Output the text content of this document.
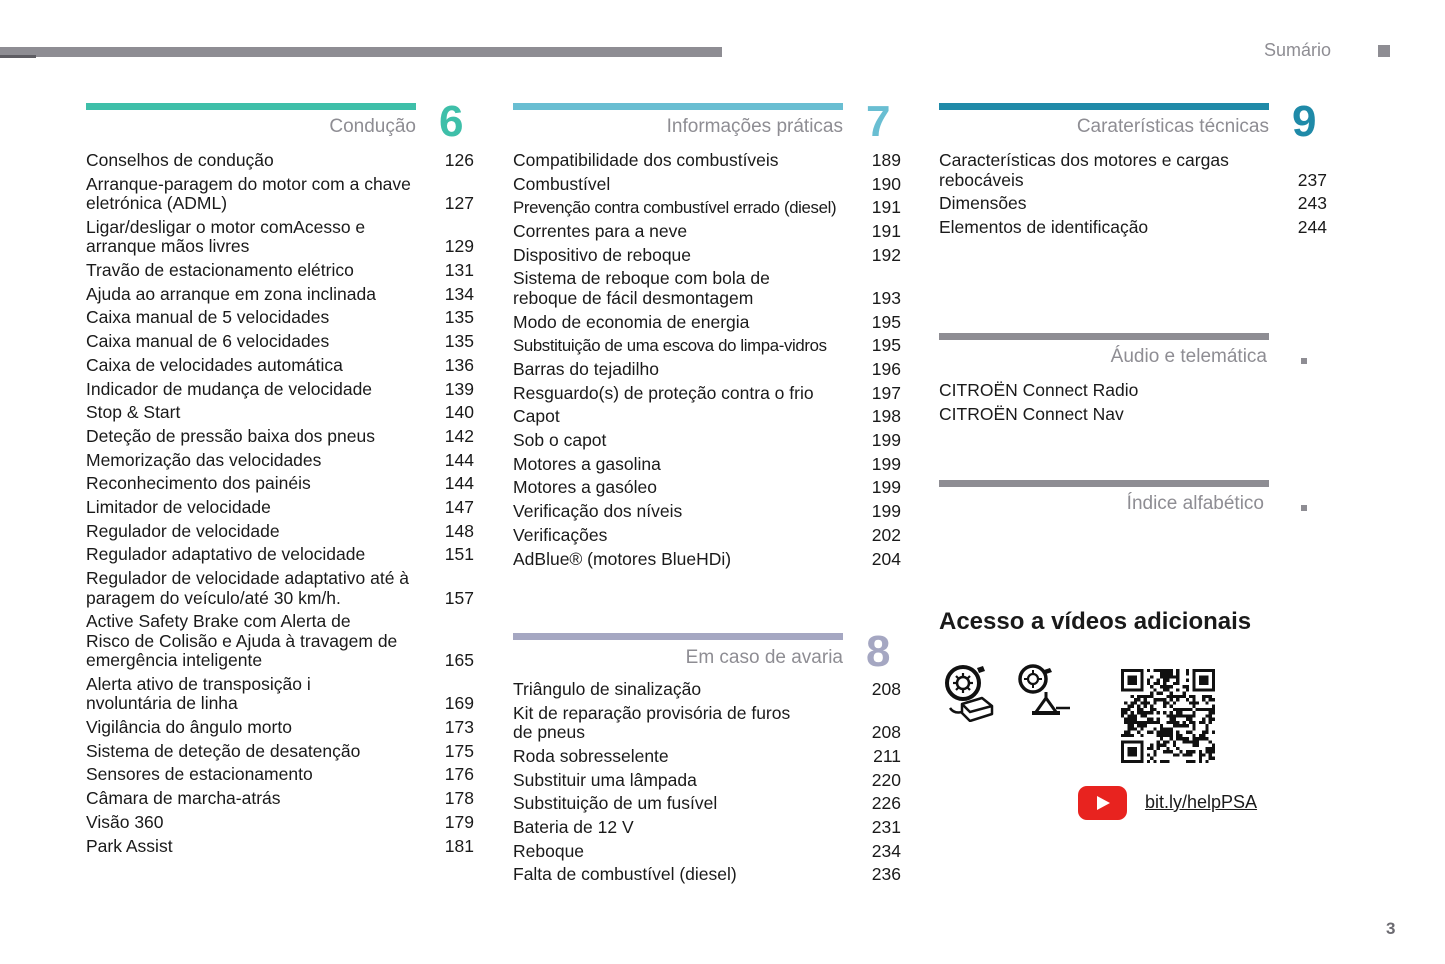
Sumário
Condução 6
Conselhos de condução	126
Arranque-paragem do motor com a chave
eletrónica (ADML)	127
Ligar/desligar o motor comAcesso e
arranque mãos livres	129
Travão de estacionamento elétrico	131
Ajuda ao arranque em zona inclinada	134
Caixa manual de 5 velocidades	135
Caixa manual de 6 velocidades	135
Caixa de velocidades automática	136
Indicador de mudança de velocidade	139
Stop & Start	140
Deteção de pressão baixa dos pneus	142
Memorização das velocidades	144
Reconhecimento dos painéis	144
Limitador de velocidade	147
Regulador de velocidade	148
Regulador adaptativo de velocidade	151
Regulador de velocidade adaptativo até à
paragem do veículo/até 30 km/h.	157
Active Safety Brake com Alerta de
Risco de Colisão e Ajuda à travagem de
emergência inteligente	165
Alerta ativo de transposição i
nvoluntária de linha	169
Vigilância do ângulo morto	173
Sistema de deteção de desatenção	175
Sensores de estacionamento	176
Câmara de marcha-atrás	178
Visão 360	179
Park Assist	181
Informações práticas 7
Compatibilidade dos combustíveis	189
Combustível	190
Prevenção contra combustível errado (diesel) 191
Correntes para a neve	191
Dispositivo de reboque	192
Sistema de reboque com bola de
reboque de fácil desmontagem	193
Modo de economia de energia	195
Substituição de uma escova do limpa-vidros	195
Barras do tejadilho	196
Resguardo(s) de proteção contra o frio	197
Capot	198
Sob o capot	199
Motores a gasolina	199
Motores a gasóleo	199
Verificação dos níveis	199
Verificações	202
AdBlue® (motores BlueHDi)	204
Em caso de avaria 8
Triângulo de sinalização	208
Kit de reparação provisória de furos
de pneus	208
Roda sobresselente	211
Substituir uma lâmpada	220
Substituição de um fusível	226
Bateria de 12 V	231
Reboque	234
Falta de combustível (diesel)	236
Caraterísticas técnicas 9
Características dos motores e cargas
rebocáveis	237
Dimensões	243
Elementos de identificação	244
Áudio e telemática
CITROËN Connect Radio
CITROËN Connect Nav
Índice alfabético
Acesso a vídeos adicionais
bit.ly/helpPSA
3
